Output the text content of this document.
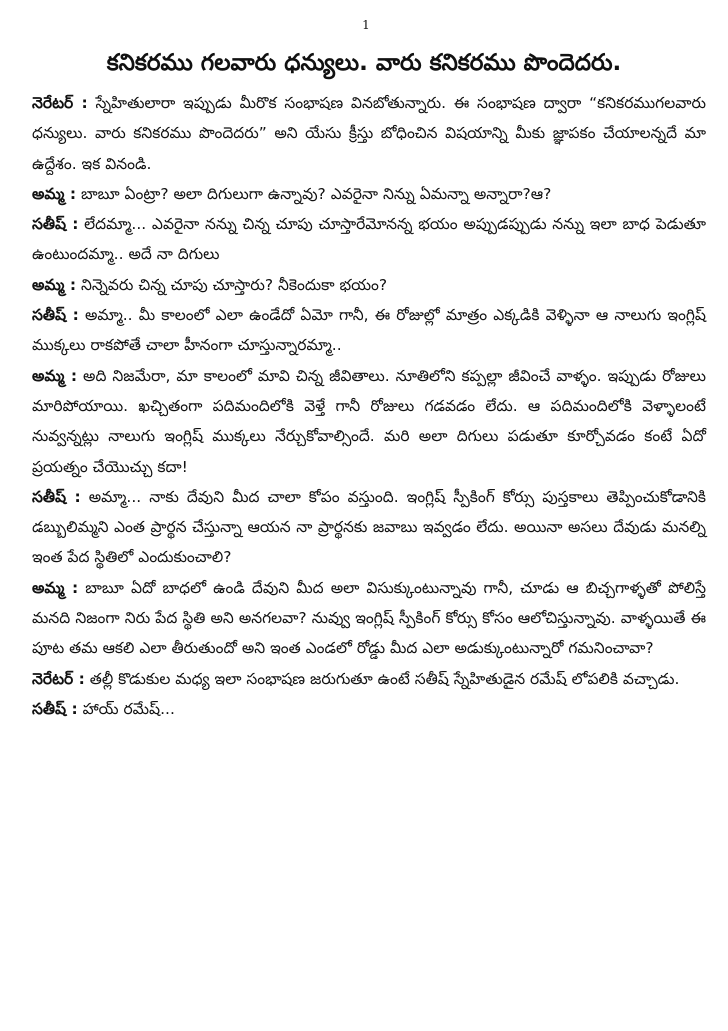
1
కనికరము గలవారు ధన్యులు. వారు కనికరము పొందెదరు.

నెరేటర్ : స్నేహితులారా ఇప్పుడు మీరొక సంభాషణ వినబోతున్నారు. ఈ సంభాషణ ద్వారా “కనికరముగలవారు ధన్యులు. వారు కనికరము పొందెదరు” అని యేసు క్రీస్తు బోధించిన విషయాన్ని మీకు జ్ఞాపకం చేయాలన్నదే మా ఉద్దేశం. ఇక వినండి.

అమ్మ : బాబూ ఏంట్రా? అలా దిగులుగా ఉన్నావు? ఎవరైనా నిన్ను ఏమన్నా అన్నారా?ఆ?

సతీష్ : లేదమ్మా... ఎవరైనా నన్ను చిన్న చూపు చూస్తారేమోనన్న భయం అప్పుడప్పుడు నన్ను ఇలా బాధ పెడుతూ ఉంటుందమ్మా.. అదే నా దిగులు

అమ్మ : నిన్నెవరు చిన్న చూపు చూస్తారు? నీకెందుకా భయం?

సతీష్ : అమ్మా.. మీ కాలంలో ఎలా ఉండేదో ఏమో గానీ, ఈ రోజుల్లో మాత్రం ఎక్కడికి వెళ్ళినా ఆ నాలుగు ఇంగ్లిష్ ముక్కలు రాకపోతే చాలా హీనంగా చూస్తున్నారమ్మా..

అమ్మ : అది నిజమేరా, మా కాలంలో మావి చిన్న జీవితాలు. నూతిలోని కప్పల్లా జీవించే వాళ్ళం. ఇప్పుడు రోజులు మారిపోయాయి. ఖచ్చితంగా పదిమందిలోకి వెళ్తే గానీ రోజులు గడవడం లేదు. ఆ పదిమందిలోకి వెళ్ళాలంటే నువ్వన్నట్లు నాలుగు ఇంగ్లిష్ ముక్కలు నేర్చుకోవాల్సిందే. మరి అలా దిగులు పడుతూ కూర్చోవడం కంటే ఏదో ప్రయత్నం చేయొచ్చు కదా!

సతీష్ : అమ్మా... నాకు దేవుని మీద చాలా కోపం వస్తుంది. ఇంగ్లిష్ స్పీకింగ్ కోర్సు పుస్తకాలు తెప్పించుకోడానికి డబ్బులిమ్మని ఎంత ప్రార్థన చేస్తున్నా ఆయన నా ప్రార్థనకు జవాబు ఇవ్వడం లేదు. అయినా అసలు దేవుడు మనల్ని ఇంత పేద స్థితిలో ఎందుకుంచాలి?

అమ్మ : బాబూ ఏదో బాధలో ఉండి దేవుని మీద అలా విసుక్కుంటున్నావు గానీ, చూడు ఆ బిచ్చగాళ్ళతో పోలిస్తే మనది నిజంగా నిరు పేద స్థితి అని అనగలవా? నువ్వు ఇంగ్లిష్ స్పీకింగ్ కోర్సు కోసం ఆలోచిస్తున్నావు. వాళ్ళయితే ఈ పూట తమ ఆకలి ఎలా తీరుతుందో అని ఇంత ఎండలో రోడ్డు మీద ఎలా అడుక్కుంటున్నారో గమనించావా?

నెరేటర్ : తల్లీ కొడుకుల మధ్య ఇలా సంభాషణ జరుగుతూ ఉంటే సతీష్ స్నేహితుడైన రమేష్ లోపలికి వచ్చాడు.

సతీష్ : హాయ్ రమేష్...
